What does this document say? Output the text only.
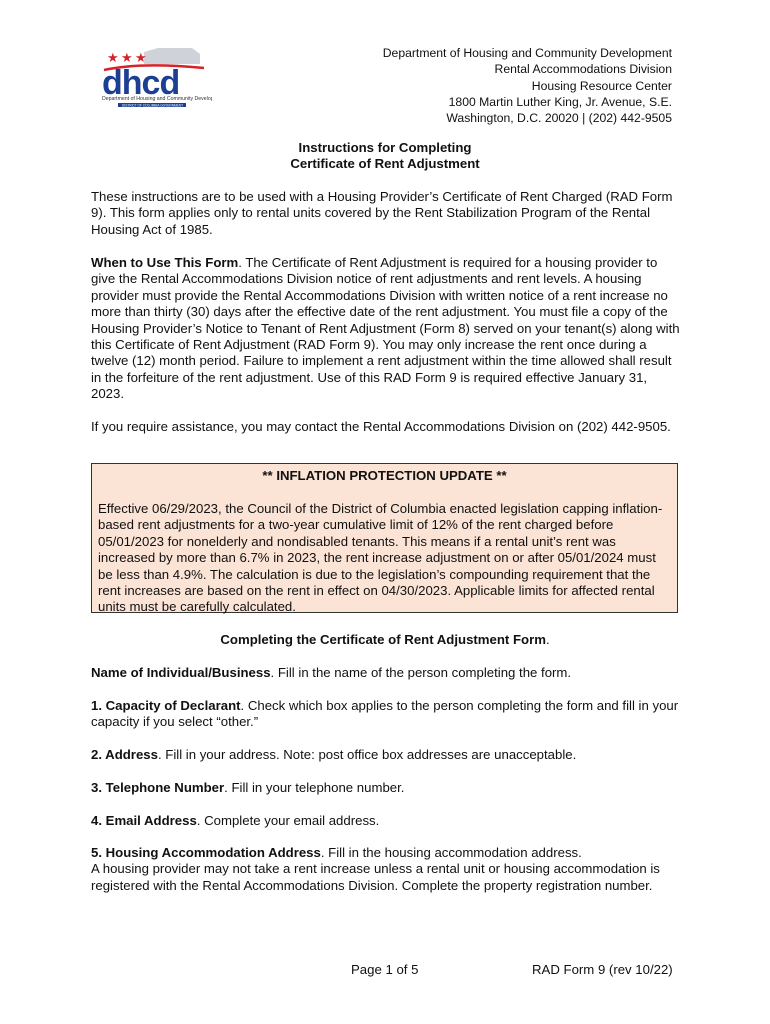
★ ★ ★
dhcd
Department of Housing and Community Develo
DISTRICT OF COLUMBIA GOVERNMENT
Department of Housing and Community Development
Rental Accommodations Division
Housing Resource Center
1800 Martin Luther King, Jr. Avenue, S.E.
Washington, D.C. 20020 | (202) 442-9505
Instructions for Completing
Certificate of Rent Adjustment

These instructions are to be used with a Housing Provider’s Certificate of Rent Charged (RAD Form 9). This form applies only to rental units covered by the Rent Stabilization Program of the Rental Housing Act of 1985.

When to Use This Form. The Certificate of Rent Adjustment is required for a housing provider to give the Rental Accommodations Division notice of rent adjustments and rent levels. A housing provider must provide the Rental Accommodations Division with written notice of a rent increase no more than thirty (30) days after the effective date of the rent adjustment. You must file a copy of the Housing Provider’s Notice to Tenant of Rent Adjustment (Form 8) served on your tenant(s) along with this Certificate of Rent Adjustment (RAD Form 9). You may only increase the rent once during a twelve (12) month period. Failure to implement a rent adjustment within the time allowed shall result in the forfeiture of the rent adjustment. Use of this RAD Form 9 is required effective January 31, 2023.

If you require assistance, you may contact the Rental Accommodations Division on (202) 442-9505.

** INFLATION PROTECTION UPDATE **

Effective 06/29/2023, the Council of the District of Columbia enacted legislation capping inflation-based rent adjustments for a two-year cumulative limit of 12% of the rent charged before 05/01/2023 for nonelderly and nondisabled tenants. This means if a rental unit’s rent was increased by more than 6.7% in 2023, the rent increase adjustment on or after 05/01/2024 must be less than 4.9%. The calculation is due to the legislation’s compounding requirement that the rent increases are based on the rent in effect on 04/30/2023. Applicable limits for affected rental units must be carefully calculated.

Completing the Certificate of Rent Adjustment Form.

Name of Individual/Business. Fill in the name of the person completing the form.

1. Capacity of Declarant. Check which box applies to the person completing the form and fill in your capacity if you select “other.”

2. Address. Fill in your address. Note: post office box addresses are unacceptable.

3. Telephone Number. Fill in your telephone number.

4. Email Address. Complete your email address.

5. Housing Accommodation Address. Fill in the housing accommodation address.
A housing provider may not take a rent increase unless a rental unit or housing accommodation is registered with the Rental Accommodations Division. Complete the property registration number.

Page 1 of 5	RAD Form 9 (rev 10/22)
